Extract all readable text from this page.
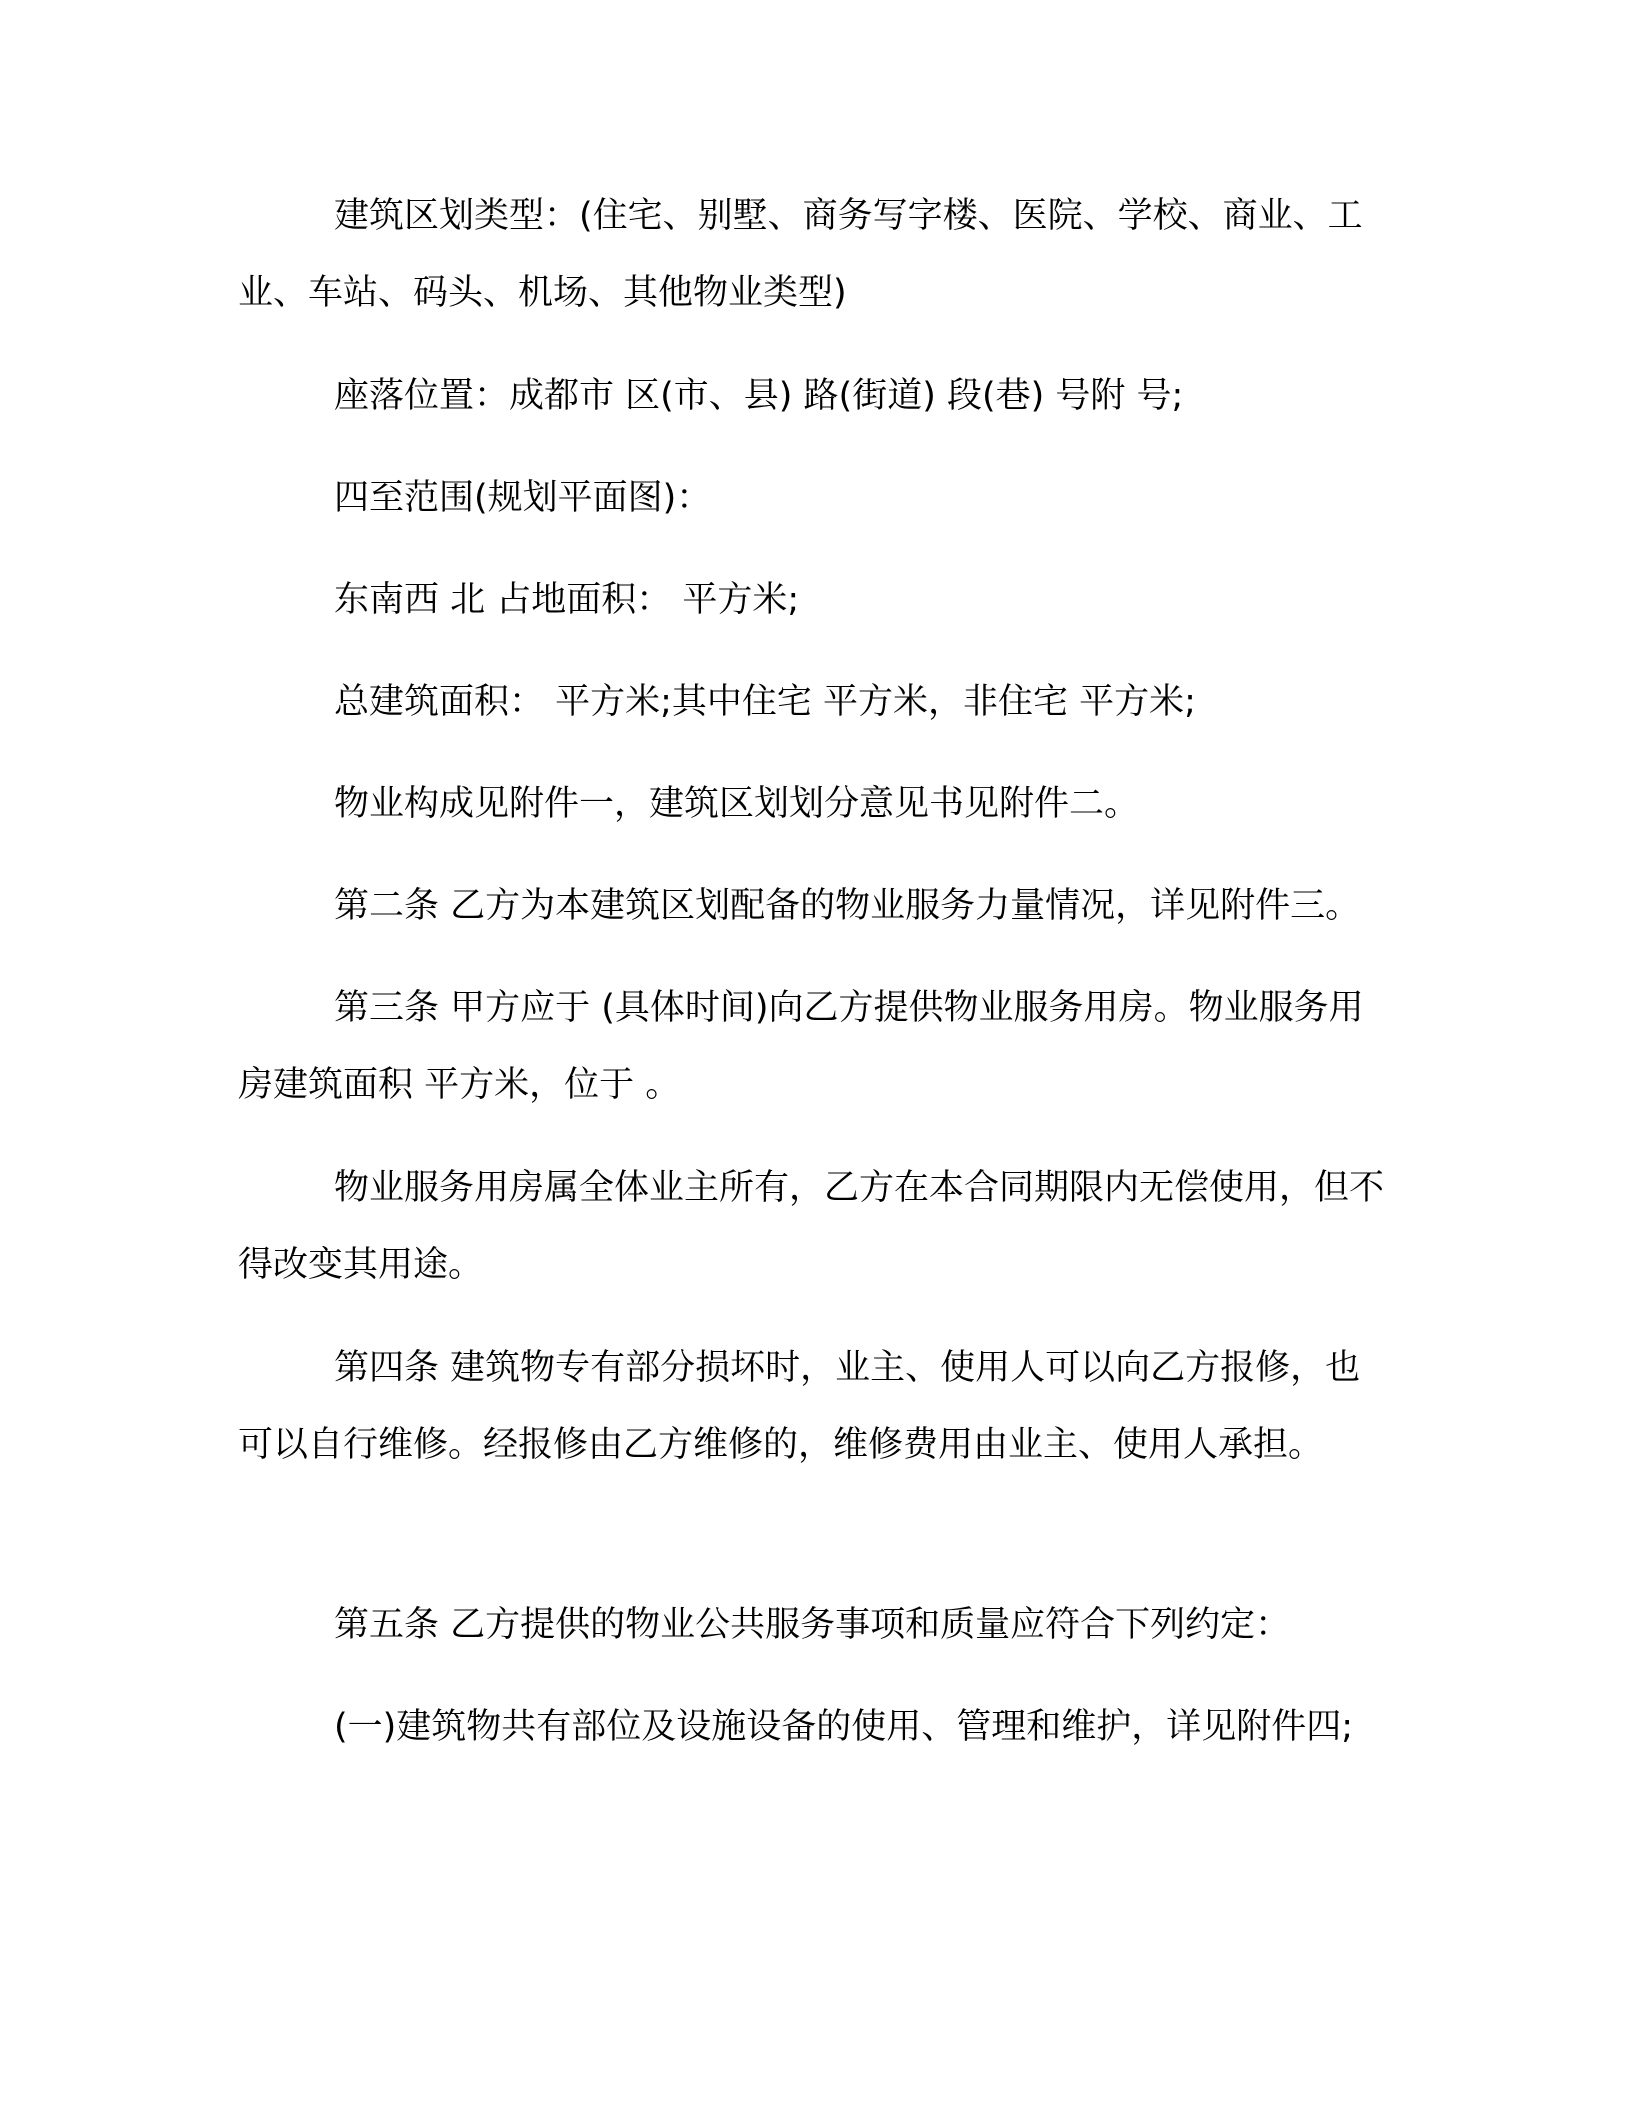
建筑区划类型：(住宅、别墅、商务写字楼、医院、学校、商业、工业、车站、码头、机场、其他物业类型)

座落位置：成都市 区(市、县) 路(街道) 段(巷) 号附 号;

四至范围(规划平面图)：

东南西 北 占地面积： 平方米;

总建筑面积： 平方米;其中住宅 平方米，非住宅 平方米;

物业构成见附件一，建筑区划划分意见书见附件二。

第二条 乙方为本建筑区划配备的物业服务力量情况，详见附件三。

第三条 甲方应于 (具体时间)向乙方提供物业服务用房。物业服务用房建筑面积 平方米，位于 。

物业服务用房属全体业主所有，乙方在本合同期限内无偿使用，但不得改变其用途。

第四条 建筑物专有部分损坏时，业主、使用人可以向乙方报修，也可以自行维修。经报修由乙方维修的，维修费用由业主、使用人承担。

第五条 乙方提供的物业公共服务事项和质量应符合下列约定：

(一)建筑物共有部位及设施设备的使用、管理和维护，详见附件四;
